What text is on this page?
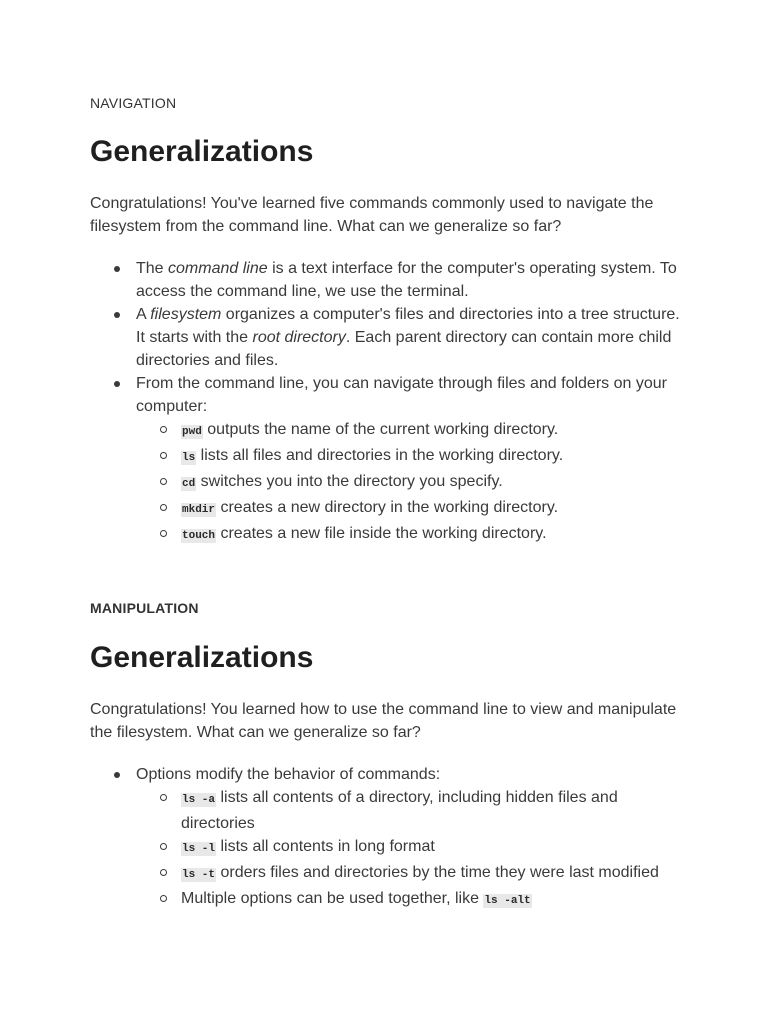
NAVIGATION

Generalizations

Congratulations! You've learned five commands commonly used to navigate the filesystem from the command line. What can we generalize so far?

The command line is a text interface for the computer's operating system. To access the command line, we use the terminal.
A filesystem organizes a computer's files and directories into a tree structure. It starts with the root directory. Each parent directory can contain more child directories and files.
From the command line, you can navigate through files and folders on your computer:
pwd outputs the name of the current working directory.
ls lists all files and directories in the working directory.
cd switches you into the directory you specify.
mkdir creates a new directory in the working directory.
touch creates a new file inside the working directory.

MANIPULATION

Generalizations

Congratulations! You learned how to use the command line to view and manipulate the filesystem. What can we generalize so far?

Options modify the behavior of commands:
ls -a lists all contents of a directory, including hidden files and directories
ls -l lists all contents in long format
ls -t orders files and directories by the time they were last modified
Multiple options can be used together, like ls -alt
